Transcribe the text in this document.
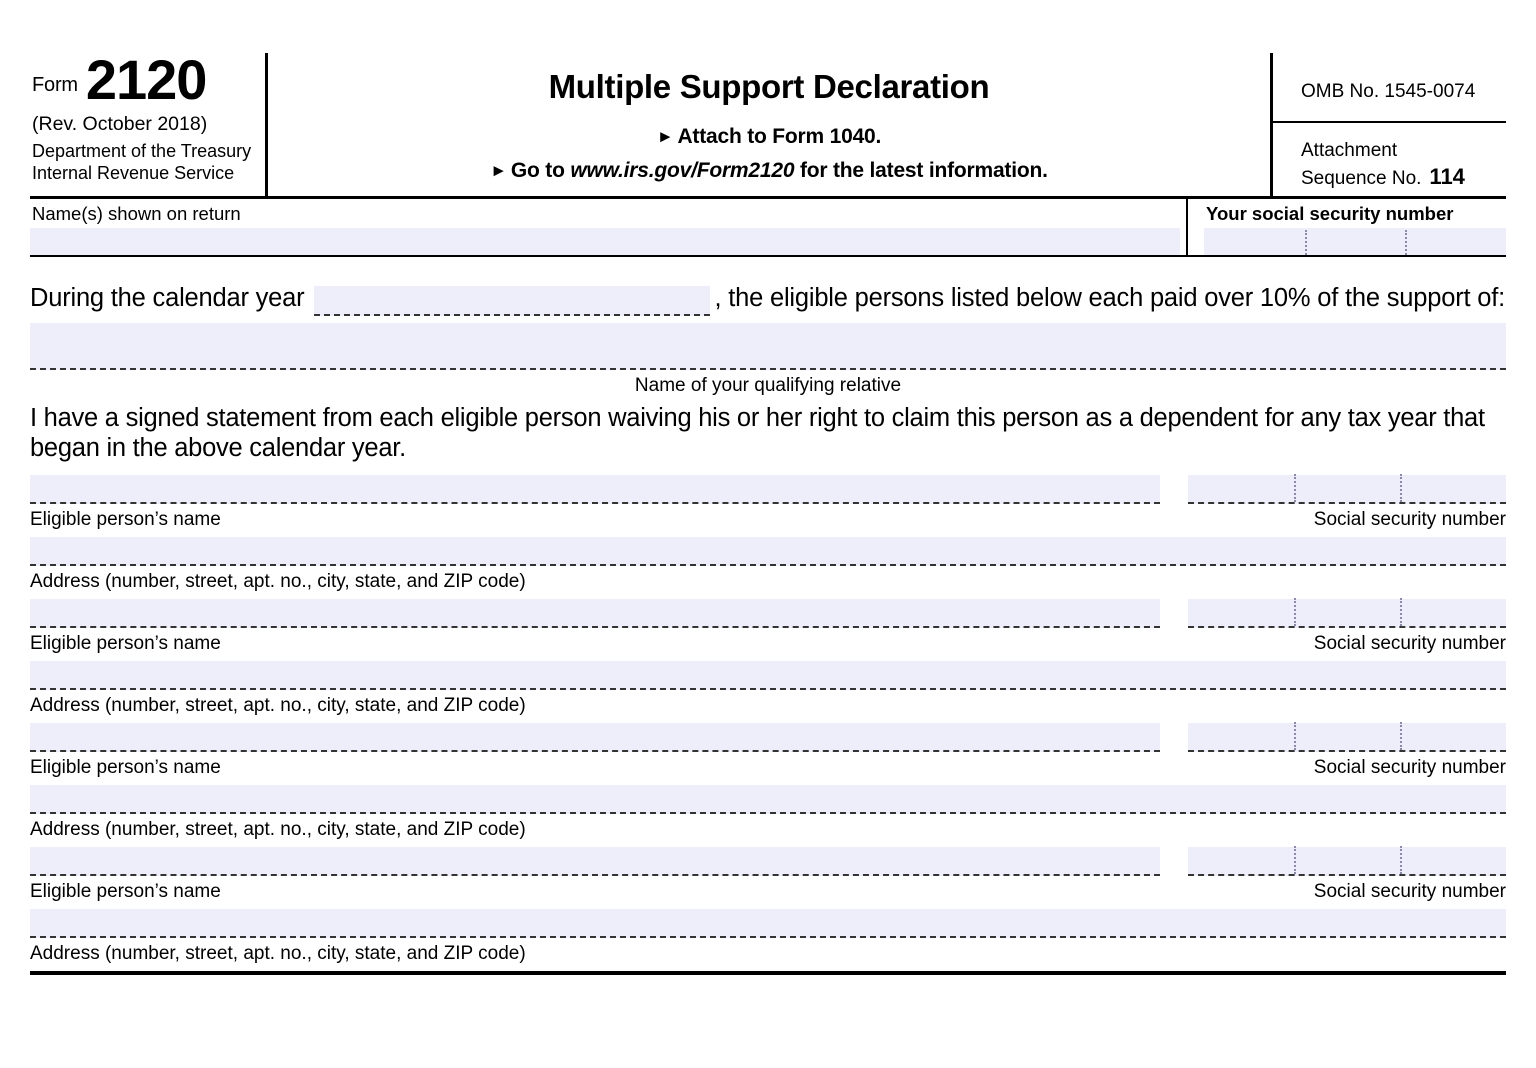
Form 2120
(Rev. October 2018)
Department of the Treasury
Internal Revenue Service
Multiple Support Declaration
► Attach to Form 1040.
► Go to www.irs.gov/Form2120 for the latest information.
OMB No. 1545-0074
Attachment
Sequence No. 114
Name(s) shown on return	Your social security number
During the calendar year	, the eligible persons listed below each paid over 10% of the support of:
Name of your qualifying relative
I have a signed statement from each eligible person waiving his or her right to claim this person as a dependent for any tax year that began in the above calendar year.
Eligible person’s name	Social security number
Address (number, street, apt. no., city, state, and ZIP code)
Eligible person’s name	Social security number
Address (number, street, apt. no., city, state, and ZIP code)
Eligible person’s name	Social security number
Address (number, street, apt. no., city, state, and ZIP code)
Eligible person’s name	Social security number
Address (number, street, apt. no., city, state, and ZIP code)
